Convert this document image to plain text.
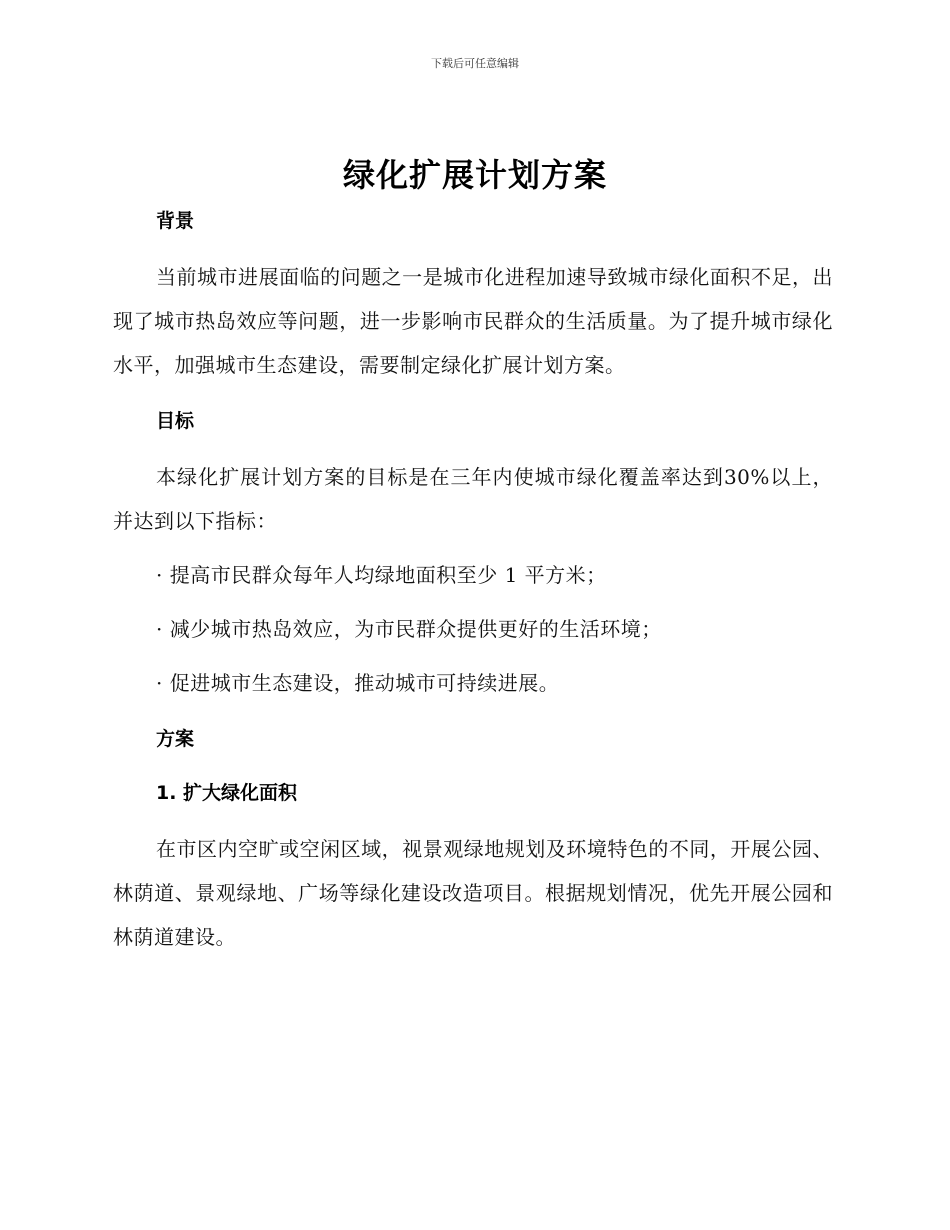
下载后可任意编辑
绿化扩展计划方案
背景

当前城市进展面临的问题之一是城市化进程加速导致城市绿化面积不足，出现了城市热岛效应等问题，进一步影响市民群众的生活质量。为了提升城市绿化水平，加强城市生态建设，需要制定绿化扩展计划方案。

目标

本绿化扩展计划方案的目标是在三年内使城市绿化覆盖率达到30%以上，并达到以下指标：

· 提高市民群众每年人均绿地面积至少 1 平方米；

· 减少城市热岛效应，为市民群众提供更好的生活环境；

· 促进城市生态建设，推动城市可持续进展。

方案
1. 扩大绿化面积

在市区内空旷或空闲区域，视景观绿地规划及环境特色的不同，开展公园、林荫道、景观绿地、广场等绿化建设改造项目。根据规划情况，优先开展公园和林荫道建设。
